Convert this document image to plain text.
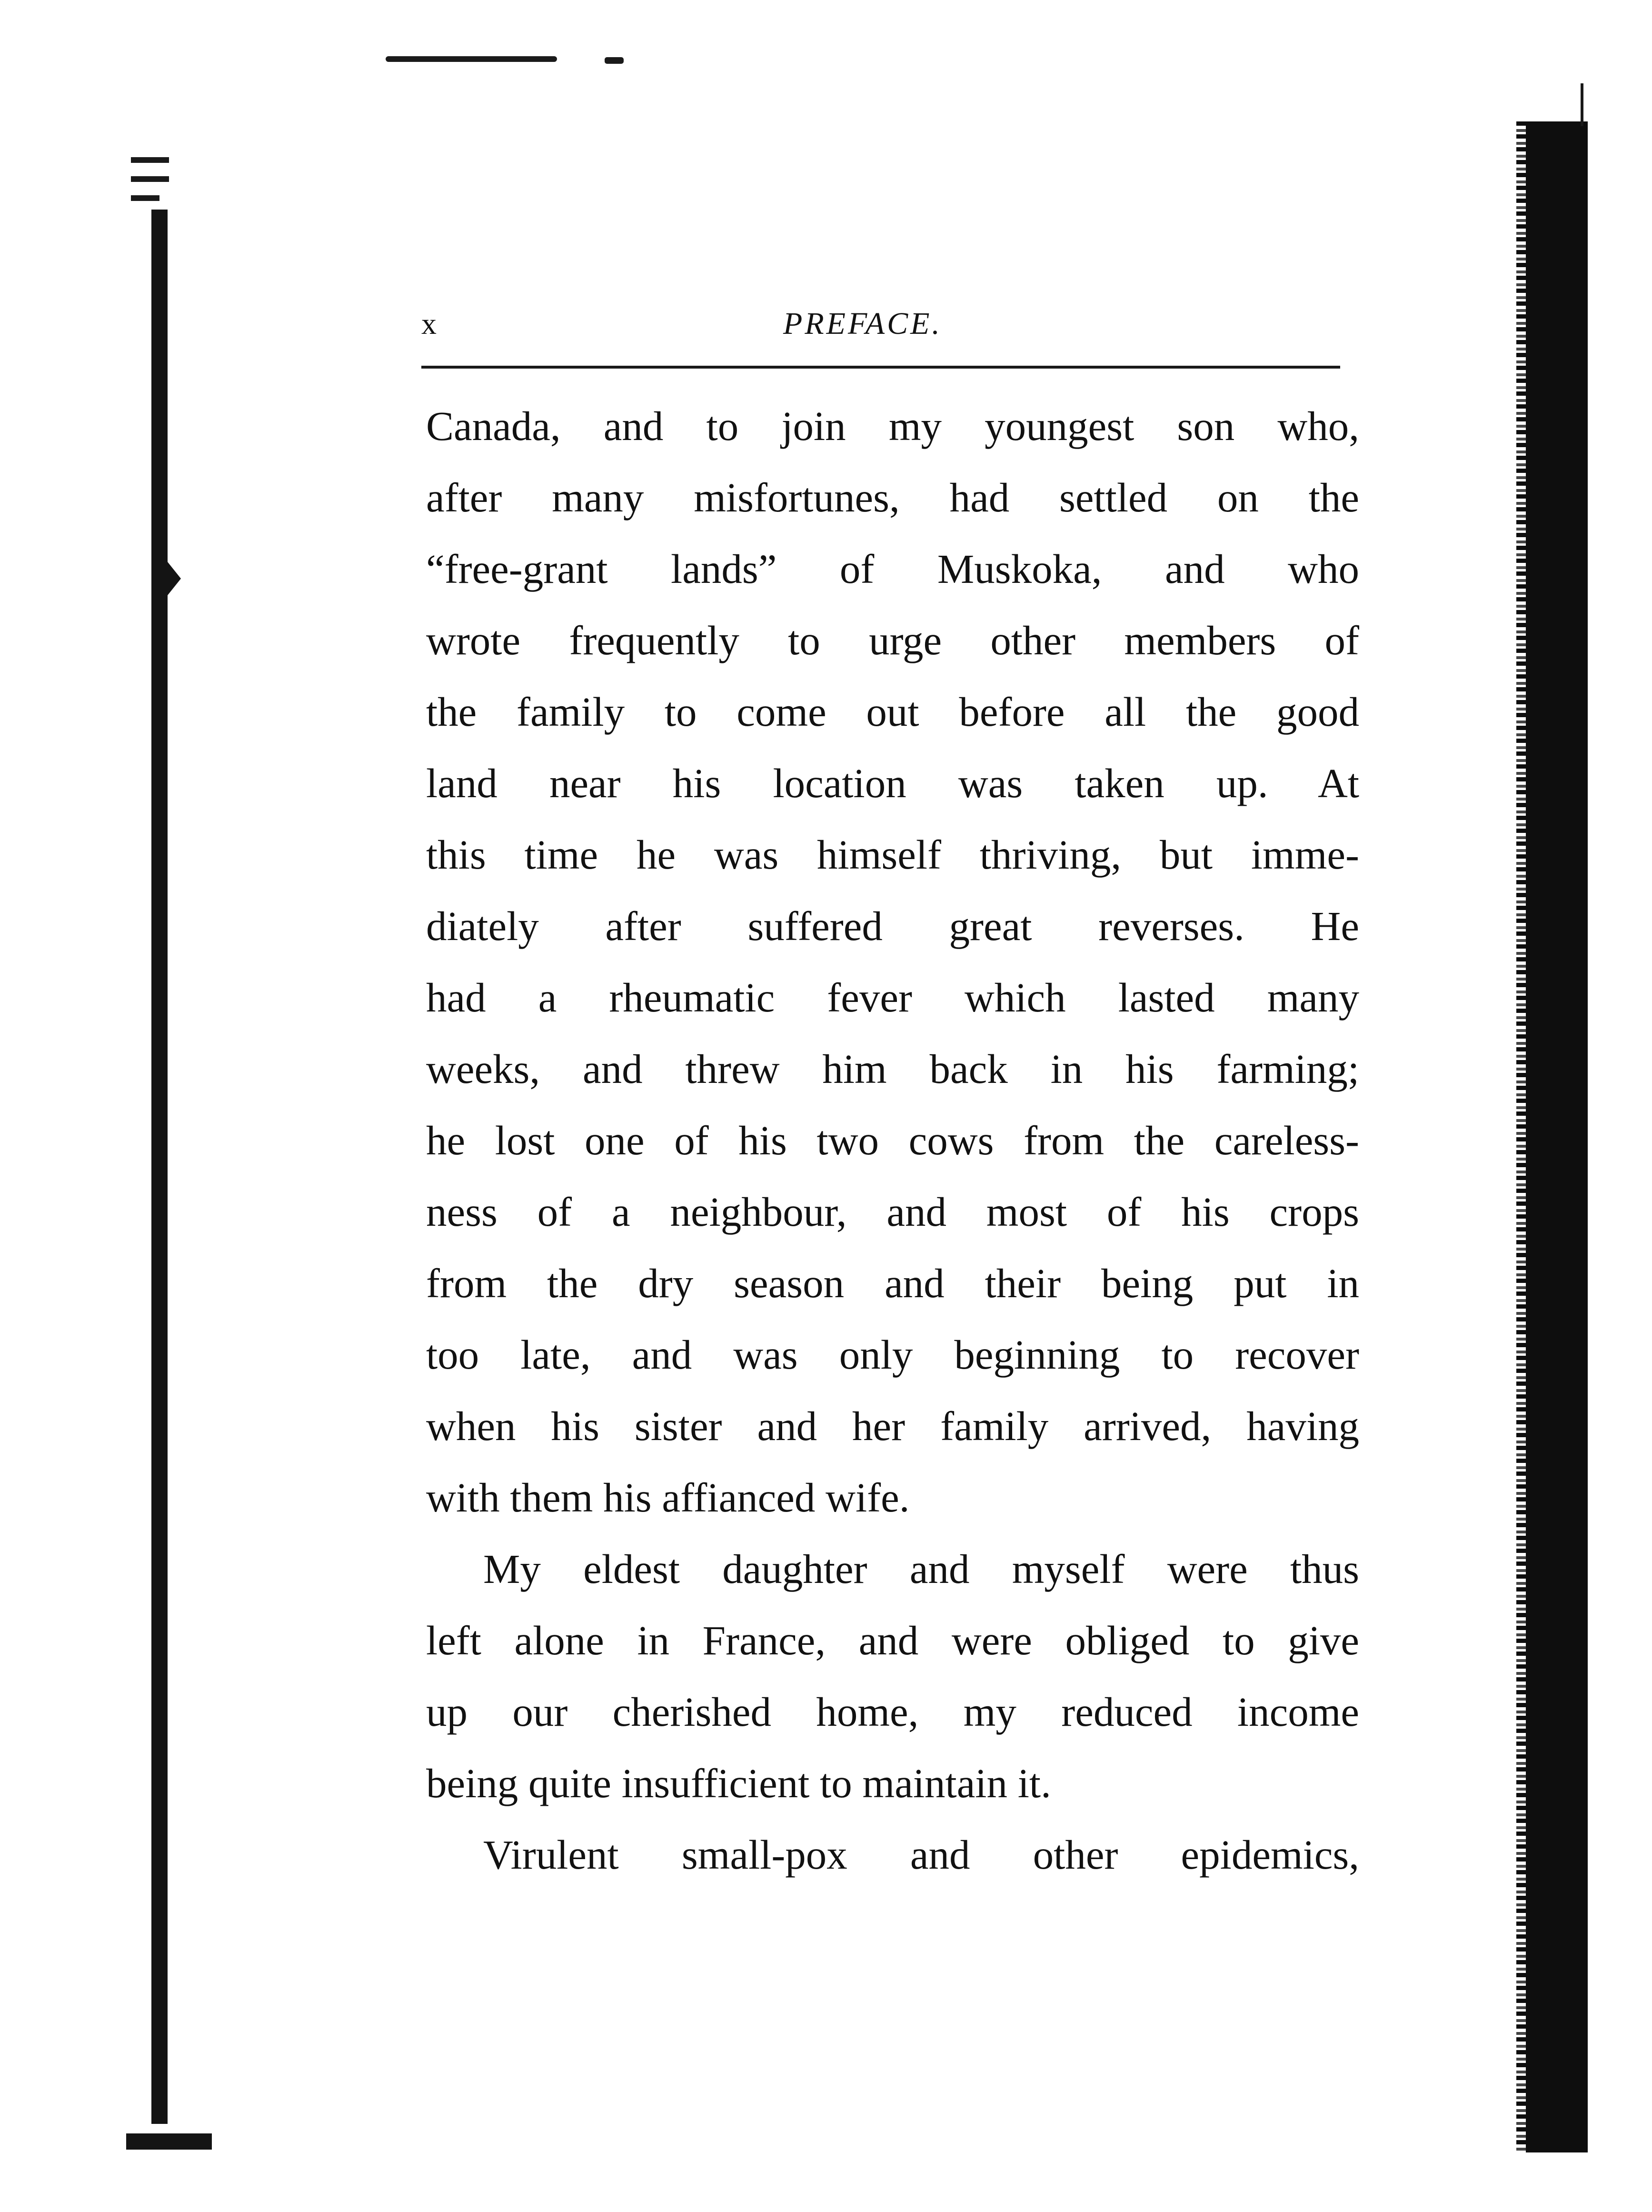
x	PREFACE.
Canada, and to join my youngest son who,
after many misfortunes, had settled on the
“free-grant lands” of Muskoka, and who
wrote frequently to urge other members of
the family to come out before all the good
land near his location was taken up. At
this time he was himself thriving, but imme-
diately after suffered great reverses. He
had a rheumatic fever which lasted many
weeks, and threw him back in his farming;
he lost one of his two cows from the careless-
ness of a neighbour, and most of his crops
from the dry season and their being put in
too late, and was only beginning to recover
when his sister and her family arrived, having
with them his affianced wife.
My eldest daughter and myself were thus
left alone in France, and were obliged to give
up our cherished home, my reduced income
being quite insufficient to maintain it.
Virulent small-pox and other epidemics,
